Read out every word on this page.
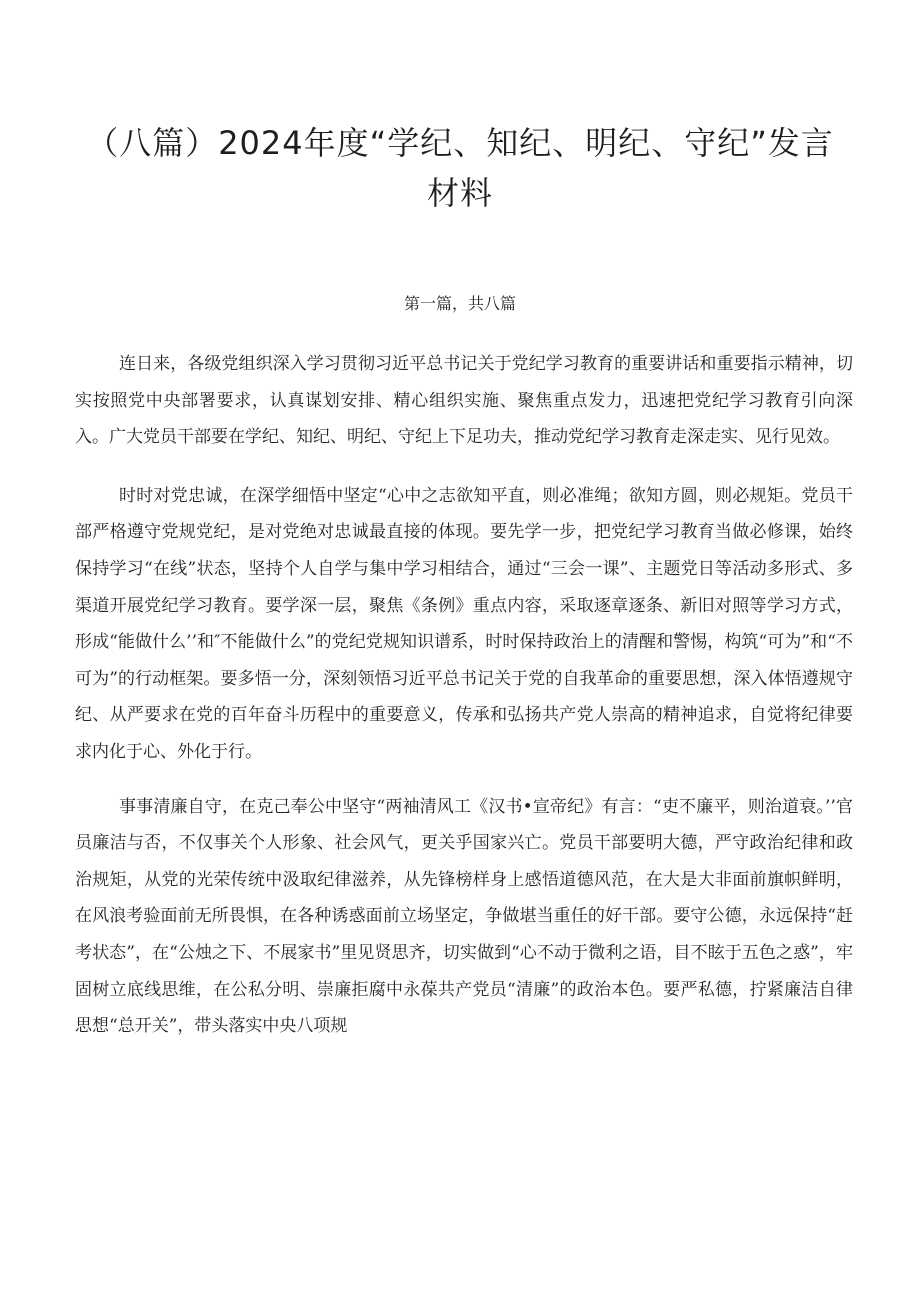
（八篇）2024年度“学纪、知纪、明纪、守纪”发言材料

第一篇，共八篇

连日来，各级党组织深入学习贯彻习近平总书记关于党纪学习教育的重要讲话和重要指示精神，切实按照党中央部署要求，认真谋划安排、精心组织实施、聚焦重点发力，迅速把党纪学习教育引向深入。广大党员干部要在学纪、知纪、明纪、守纪上下足功夫，推动党纪学习教育走深走实、见行见效。

时时对党忠诚，在深学细悟中坚定“心中之志欲知平直，则必准绳；欲知方圆，则必规矩。党员干部严格遵守党规党纪，是对党绝对忠诚最直接的体现。要先学一步，把党纪学习教育当做必修课，始终保持学习“在线”状态，坚持个人自学与集中学习相结合，通过“三会一课”、主题党日等活动多形式、多渠道开展党纪学习教育。要学深一层，聚焦《条例》重点内容，采取逐章逐条、新旧对照等学习方式，形成“能做什么’’和″不能做什么”的党纪党规知识谱系，时时保持政治上的清醒和警惕，构筑“可为”和“不可为”的行动框架。要多悟一分，深刻领悟习近平总书记关于党的自我革命的重要思想，深入体悟遵规守纪、从严要求在党的百年奋斗历程中的重要意义，传承和弘扬共产党人崇高的精神追求，自觉将纪律要求内化于心、外化于行。

事事清廉自守，在克己奉公中坚守“两袖清风工《汉书•宣帝纪》有言：“吏不廉平，则治道衰。’’官员廉洁与否，不仅事关个人形象、社会风气，更关乎国家兴亡。党员干部要明大德，严守政治纪律和政治规矩，从党的光荣传统中汲取纪律滋养，从先锋榜样身上感悟道德风范，在大是大非面前旗帜鲜明，在风浪考验面前无所畏惧，在各种诱惑面前立场坚定，争做堪当重任的好干部。要守公德，永远保持“赶考状态”，在“公烛之下、不展家书”里见贤思齐，切实做到“心不动于微利之语，目不眩于五色之惑”，牢固树立底线思维，在公私分明、崇廉拒腐中永葆共产党员“清廉”的政治本色。要严私德，拧紧廉洁自律思想“总开关”，带头落实中央八项规
